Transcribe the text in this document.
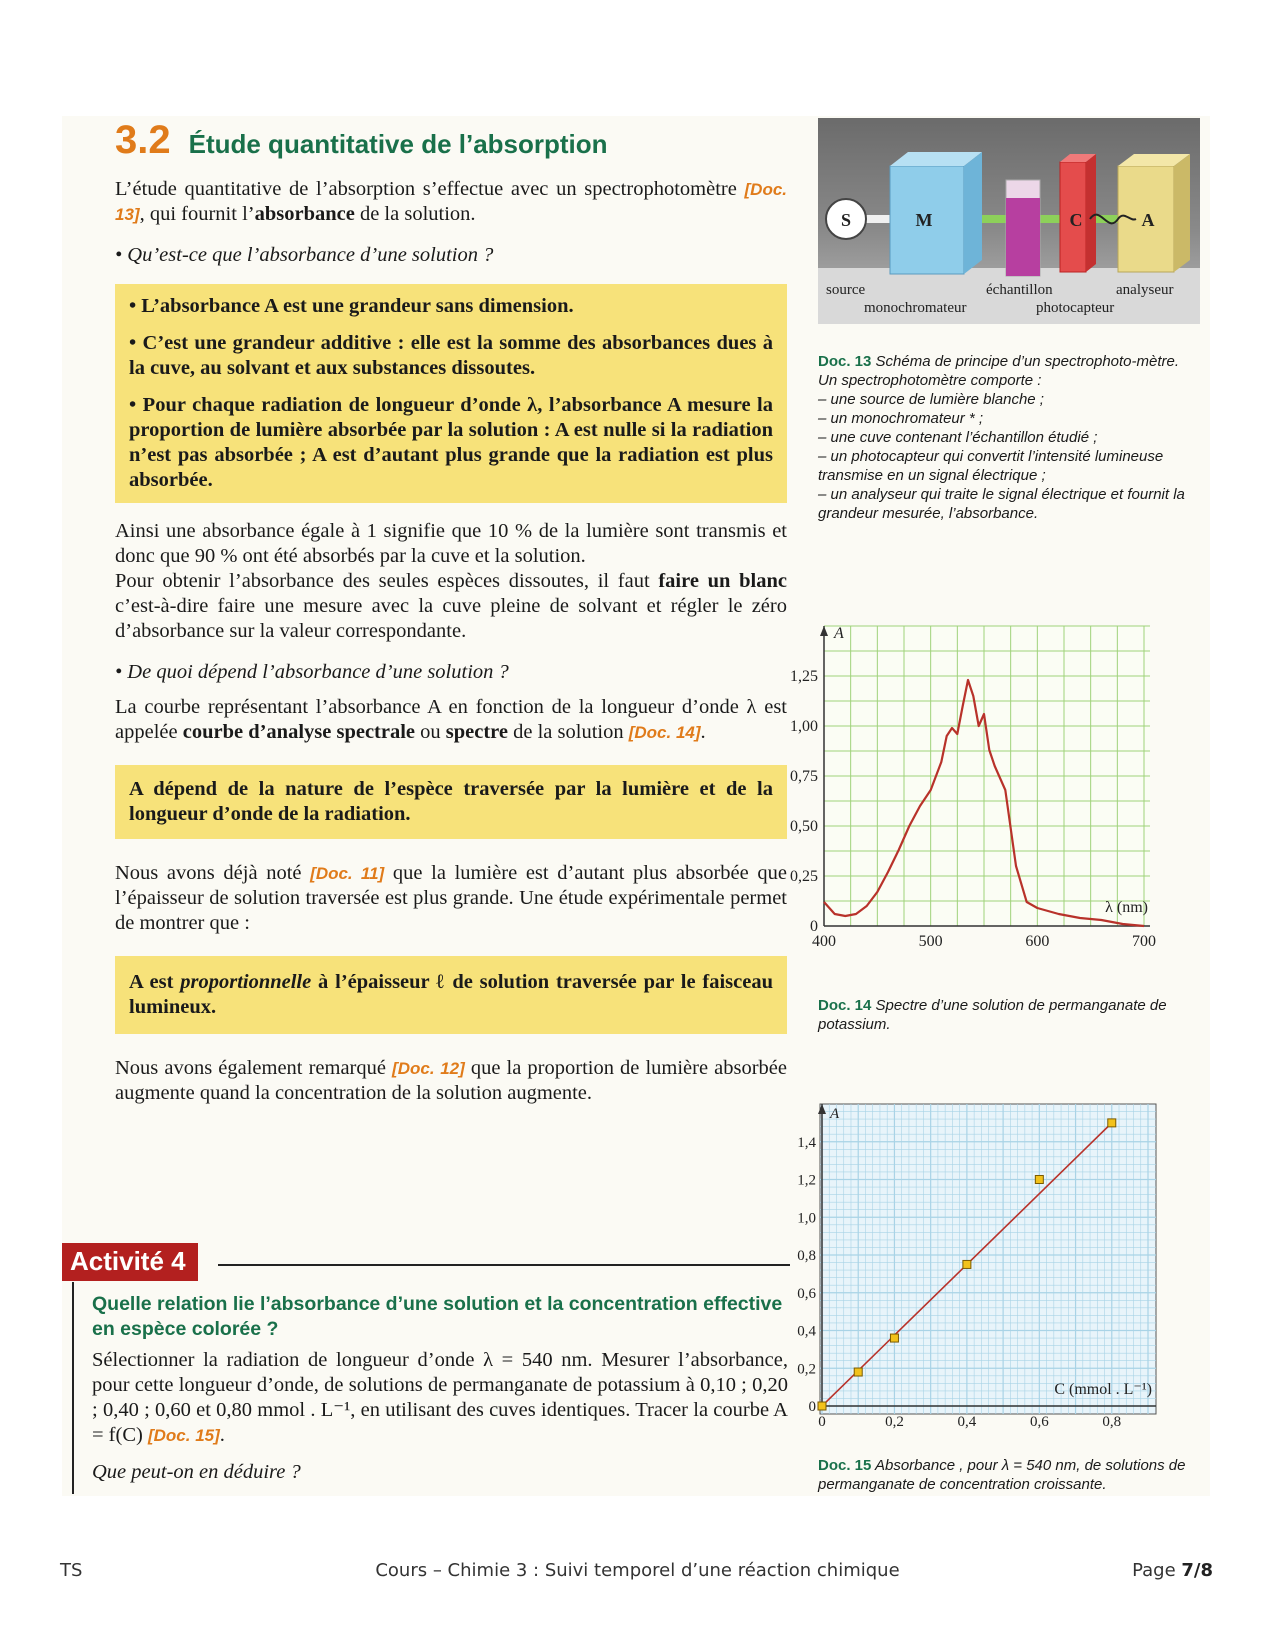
3.2 Étude quantitative de l’absorption

L’étude quantitative de l’absorption s’effectue avec un spectrophotomètre [Doc. 13], qui fournit l’absorbance de la solution.

• Qu’est-ce que l’absorbance d’une solution ?

• L’absorbance A est une grandeur sans dimension.

• C’est une grandeur additive : elle est la somme des absorbances dues à la cuve, au solvant et aux substances dissoutes.

• Pour chaque radiation de longueur d’onde λ, l’absorbance A mesure la proportion de lumière absorbée par la solution : A est nulle si la radiation n’est pas absorbée ; A est d’autant plus grande que la radiation est plus absorbée.

Ainsi une absorbance égale à 1 signifie que 10 % de la lumière sont transmis et donc que 90 % ont été absorbés par la cuve et la solution.

Pour obtenir l’absorbance des seules espèces dissoutes, il faut faire un blanc c’est-à-dire faire une mesure avec la cuve pleine de solvant et régler le zéro d’absorbance sur la valeur correspondante.

• De quoi dépend l’absorbance d’une solution ?

La courbe représentant l’absorbance A en fonction de la longueur d’onde λ est appelée courbe d’analyse spectrale ou spectre de la solution [Doc. 14].

A dépend de la nature de l’espèce traversée par la lumière et de la longueur d’onde de la radiation.

Nous avons déjà noté [Doc. 11] que la lumière est d’autant plus absorbée que l’épaisseur de solution traversée est plus grande. Une étude expérimentale permet de montrer que :

A est proportionnelle à l’épaisseur ℓ de solution traversée par le faisceau lumineux.

Nous avons également remarqué [Doc. 12] que la proportion de lumière absorbée augmente quand la concentration de la solution augmente.

S	M	C	A
source
monochromateur
échantillon
photocapteur
analyseur
Doc. 13 Schéma de principe d’un spectrophoto-mètre.
Un spectrophotomètre comporte :
– une source de lumière blanche ;
– un monochromateur * ;
– une cuve contenant l’échantillon étudié ;
– un photocapteur qui convertit l’intensité lumineuse transmise en un signal électrique ;
– un analyseur qui traite le signal électrique et fournit la grandeur mesurée, l’absorbance.
400	500	600	700
0
0,25
0,50
0,75
1,00
1,25
A
λ (nm)
Doc. 14 Spectre d’une solution de permanganate de potassium.
0	0,2	0,4	0,6	0,8
0
0,2
0,4
0,6
0,8
1,0
1,2
1,4
A
C (mmol . L⁻¹)
Doc. 15 Absorbance , pour λ = 540 nm, de solutions de permanganate de concentration croissante.
Activité 4
Quelle relation lie l’absorbance d’une solution et la concentration effective en espèce colorée ?

Sélectionner la radiation de longueur d’onde λ = 540 nm. Mesurer l’absorbance, pour cette longueur d’onde, de solutions de permanganate de potassium à 0,10 ; 0,20 ; 0,40 ; 0,60 et 0,80 mmol . L⁻¹, en utilisant des cuves identiques. Tracer la courbe A = f(C) [Doc. 15].

Que peut-on en déduire ?

TS	Cours – Chimie 3 : Suivi temporel d’une réaction chimique	Page 7/8
